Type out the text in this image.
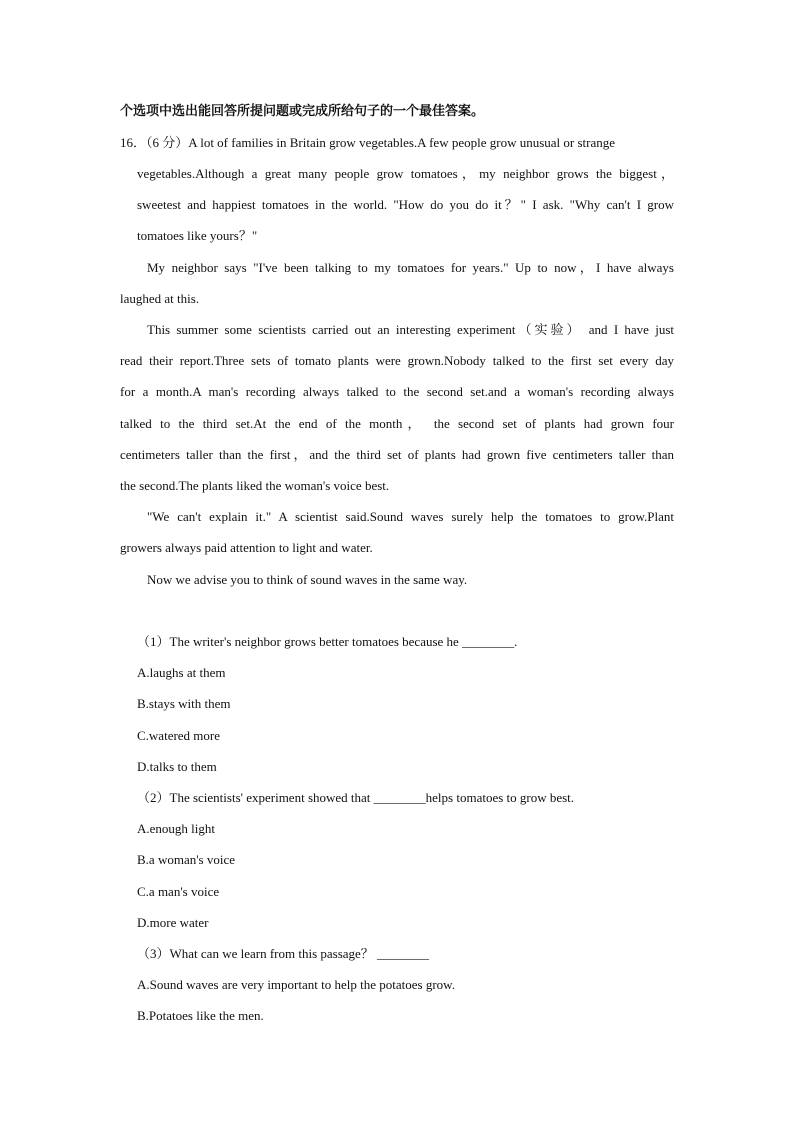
个选项中选出能回答所提问题或完成所给句子的一个最佳答案。
16．（6 分）A lot of families in Britain grow vegetables.A few people grow unusual or strange
vegetables.Although a great many people grow tomatoes，my neighbor grows the biggest，
sweetest and happiest tomatoes in the world. "How do you do it？" I ask. "Why can't I grow
tomatoes like yours？"
My neighbor says "I've been talking to my tomatoes for years." Up to now，I have always
laughed at this.
This summer some scientists carried out an interesting experiment（实验） and I have just
read their report.Three sets of tomato plants were grown.Nobody talked to the first set every day
for a month.A man's recording always talked to the second set.and a woman's recording always
talked to the third set.At the end of the month， the second set of plants had grown four
centimeters taller than the first，and the third set of plants had grown five centimeters taller than
the second.The plants liked the woman's voice best.
"We can't explain it." A scientist said.Sound waves surely help the tomatoes to grow.Plant
growers always paid attention to light and water.
Now we advise you to think of sound waves in the same way.
（1）The writer's neighbor grows better tomatoes because he ________.
A.laughs at them
B.stays with them
C.watered more
D.talks to them
（2）The scientists' experiment showed that ________helps tomatoes to grow best.
A.enough light
B.a woman's voice
C.a man's voice
D.more water
（3）What can we learn from this passage？ ________
A.Sound waves are very important to help the potatoes grow.
B.Potatoes like the men.
